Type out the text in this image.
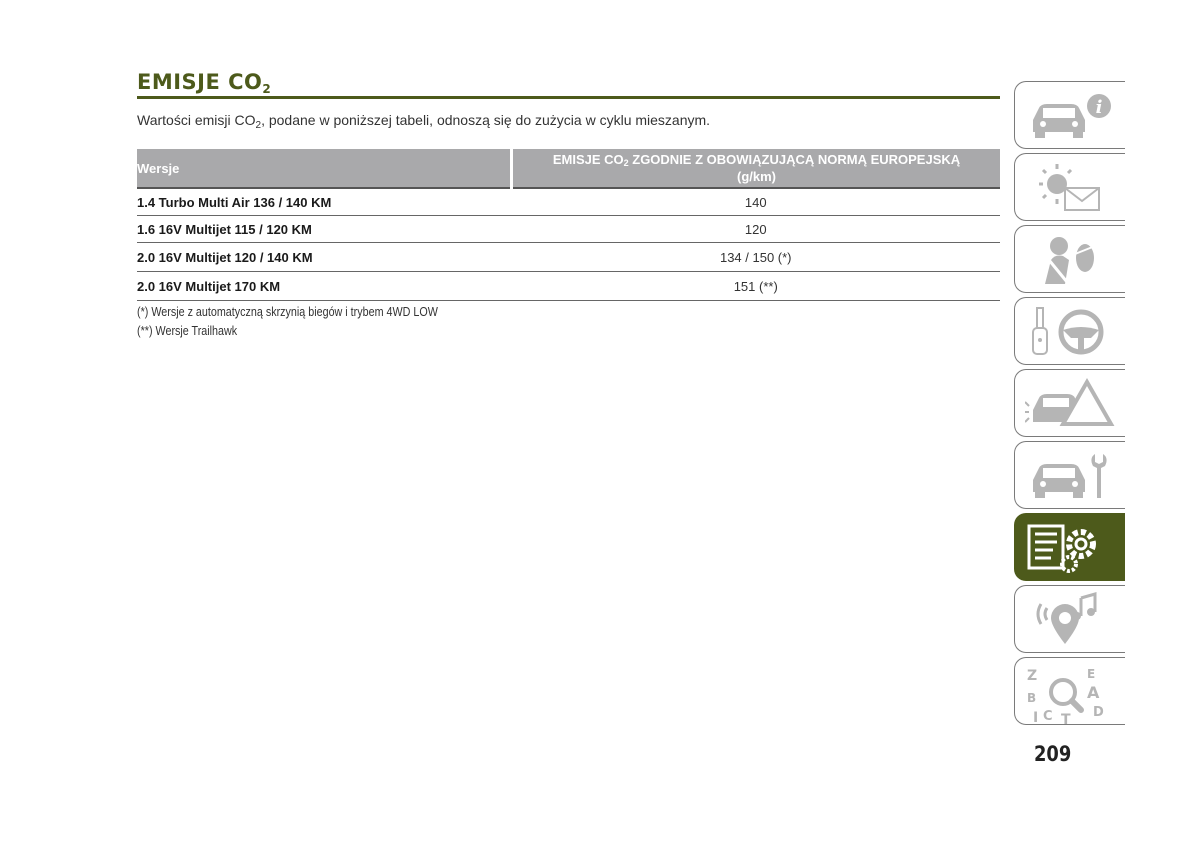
EMISJE $CO_2$
Wartości emisji $CO_2$, podane w poniższej tabeli, odnoszą się do zużycia w cyklu mieszanym.
Wersje	EMISJE $CO_2$ ZGODNIE Z OBOWIĄZUJĄCĄ NORMĄ EUROPEJSKĄ
(g/km)
1.4 Turbo Multi Air 136 / 140 KM	140
1.6 16V Multijet 115 / 120 KM	120
2.0 16V Multijet 120 / 140 KM	134 / 150 (*)
2.0 16V Multijet 170 KM	151 (**)
(*) Wersje z automatyczną skrzynią biegów i trybem 4WD LOW
(**) Wersje Trailhawk
i
Z
B
C T
E
A
D
I
209
